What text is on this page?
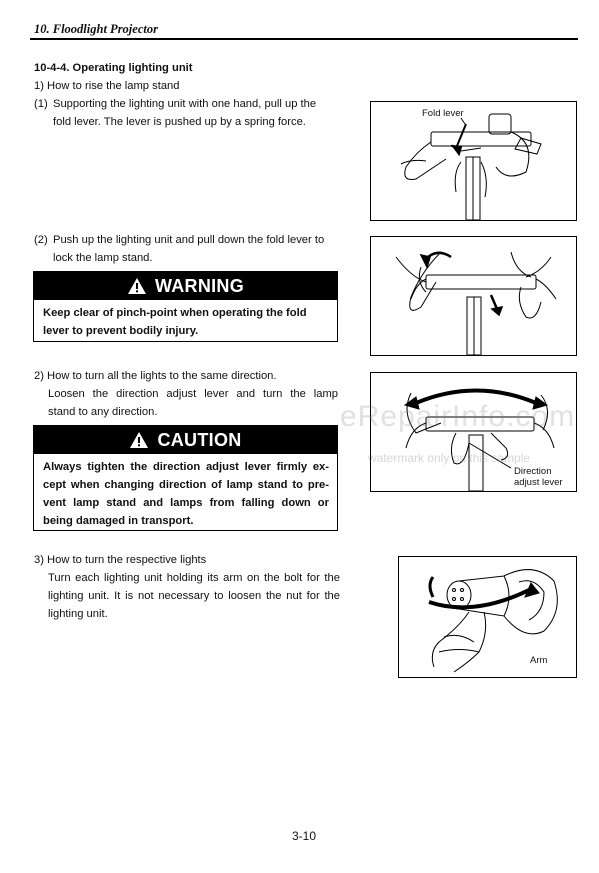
10. Floodlight Projector
10-4-4. Operating lighting unit
1) How to rise the lamp stand
(1) Supporting the lighting unit with one hand, pull up the
fold lever. The lever is pushed up by a spring force.
(2) Push up the lighting unit and pull down the fold lever to
lock the lamp stand.
WARNING
Keep clear of pinch-point when operating the fold
lever to prevent bodily injury.
2) How to turn all the lights to the same direction.
Loosen the direction adjust lever and turn the lamp
stand to any direction.
CAUTION
Always tighten the direction adjust lever firmly ex-
cept when changing direction of lamp stand to pre-
vent lamp stand and lamps from falling down or
being damaged in transport.
3) How to turn the respective lights
Turn each lighting unit holding its arm on the bolt for the
lighting unit. It is not necessary to loosen the nut for the
lighting unit.
Fold lever
Direction
adjust lever
Arm
eRepairInfo.com
watermark only on this sample
3-10
